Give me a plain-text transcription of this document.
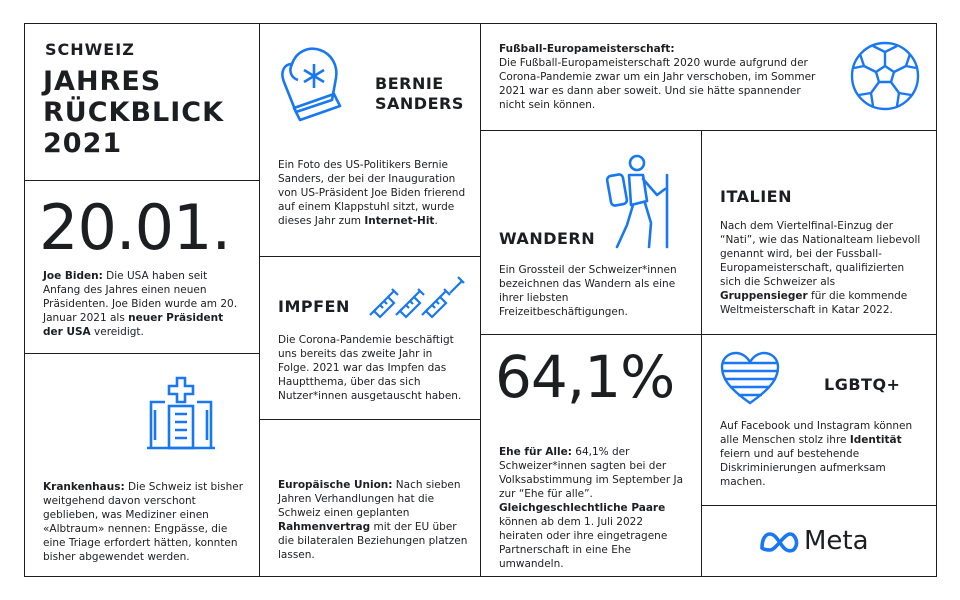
SCHWEIZ
JAHRES
RÜCKBLICK
2021
20.01.
Joe Biden: Die USA haben seit Anfang des Jahres einen neuen Präsidenten. Joe Biden wurde am 20. Januar 2021 als neuer Präsident der USA vereidigt.
Krankenhaus: Die Schweiz ist bisher weitgehend davon verschont geblieben, was Mediziner einen «Albtraum» nennen: Engpässe, die eine Triage erfordert hätten, konnten bisher abgewendet werden.
BERNIE
SANDERS
Ein Foto des US-Politikers Bernie Sanders, der bei der Inauguration von US-Präsident Joe Biden frierend auf einem Klappstuhl sitzt, wurde dieses Jahr zum Internet-Hit.
IMPFEN
Die Corona-Pandemie beschäftigt uns bereits das zweite Jahr in Folge. 2021 war das Impfen das Hauptthema, über das sich Nutzer*innen ausgetauscht haben.
Europäische Union: Nach sieben Jahren Verhandlungen hat die Schweiz einen geplanten Rahmenvertrag mit der EU über die bilateralen Beziehungen platzen lassen.
Fußball-Europameisterschaft:
Die Fußball-Europameisterschaft 2020 wurde aufgrund der Corona-Pandemie zwar um ein Jahr verschoben, im Sommer 2021 war es dann aber soweit. Und sie hätte spannender nicht sein können.
WANDERN
Ein Grossteil der Schweizer*innen bezeichnen das Wandern als eine ihrer liebsten Freizeitbeschäftigungen.
ITALIEN
Nach dem Viertelfinal-Einzug der “Nati”, wie das Nationalteam liebevoll genannt wird, bei der Fussball-Europameisterschaft, qualifizierten sich die Schweizer als Gruppensieger für die kommende Weltmeisterschaft in Katar 2022.
64,1%
Ehe für Alle: 64,1% der Schweizer*innen sagten bei der Volksabstimmung im September Ja zur “Ehe für alle”. Gleichgeschlechtliche Paare können ab dem 1. Juli 2022 heiraten oder ihre eingetragene Partnerschaft in eine Ehe umwandeln.
LGBTQ+
Auf Facebook und Instagram können alle Menschen stolz ihre Identität feiern und auf bestehende Diskriminierungen aufmerksam machen.
Meta
